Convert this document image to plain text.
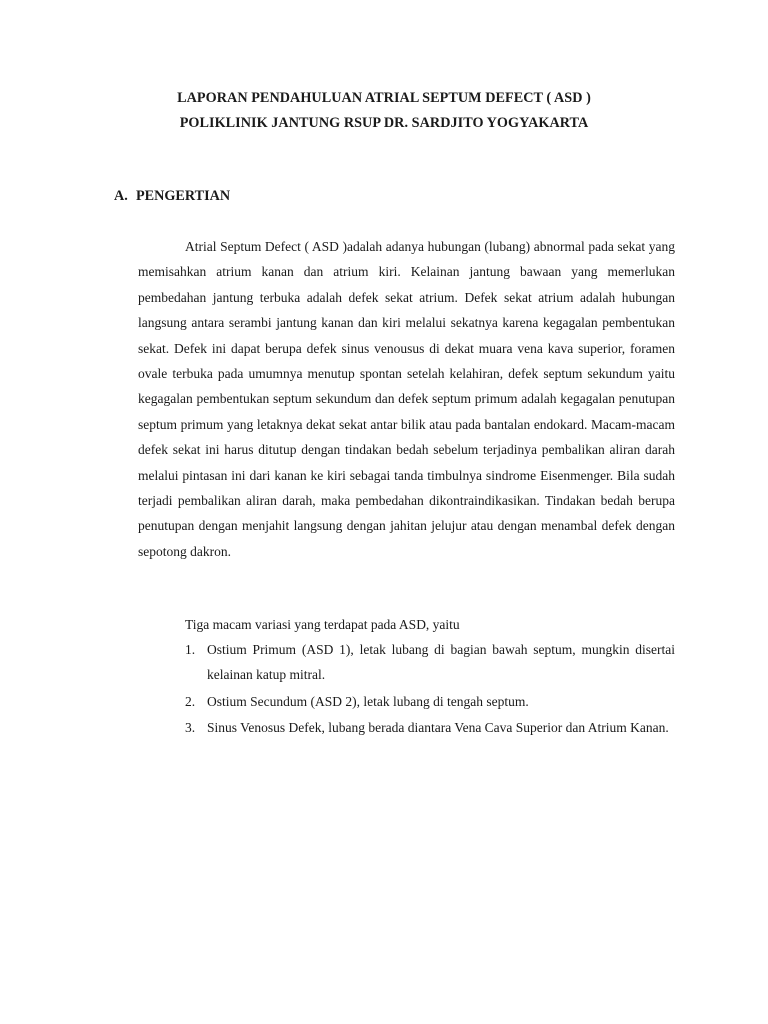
LAPORAN PENDAHULUAN ATRIAL SEPTUM DEFECT ( ASD )
POLIKLINIK JANTUNG RSUP DR. SARDJITO YOGYAKARTA
A. PENGERTIAN

Atrial Septum Defect ( ASD )adalah adanya hubungan (lubang) abnormal pada sekat yang memisahkan atrium kanan dan atrium kiri. Kelainan jantung bawaan yang memerlukan pembedahan jantung terbuka adalah defek sekat atrium. Defek sekat atrium adalah hubungan langsung antara serambi jantung kanan dan kiri melalui sekatnya karena kegagalan pembentukan sekat. Defek ini dapat berupa defek sinus venousus di dekat muara vena kava superior, foramen ovale terbuka pada umumnya menutup spontan setelah kelahiran, defek septum sekundum yaitu kegagalan pembentukan septum sekundum dan defek septum primum adalah kegagalan penutupan septum primum yang letaknya dekat sekat antar bilik atau pada bantalan endokard. Macam-macam defek sekat ini harus ditutup dengan tindakan bedah sebelum terjadinya pembalikan aliran darah melalui pintasan ini dari kanan ke kiri sebagai tanda timbulnya sindrome Eisenmenger. Bila sudah terjadi pembalikan aliran darah, maka pembedahan dikontraindikasikan. Tindakan bedah berupa penutupan dengan menjahit langsung dengan jahitan jelujur atau dengan menambal defek dengan sepotong dakron.

Tiga macam variasi yang terdapat pada ASD, yaitu

1. Ostium Primum (ASD 1), letak lubang di bagian bawah septum, mungkin disertai kelainan katup mitral.
2. Ostium Secundum (ASD 2), letak lubang di tengah septum.
3. Sinus Venosus Defek, lubang berada diantara Vena Cava Superior dan Atrium Kanan.
